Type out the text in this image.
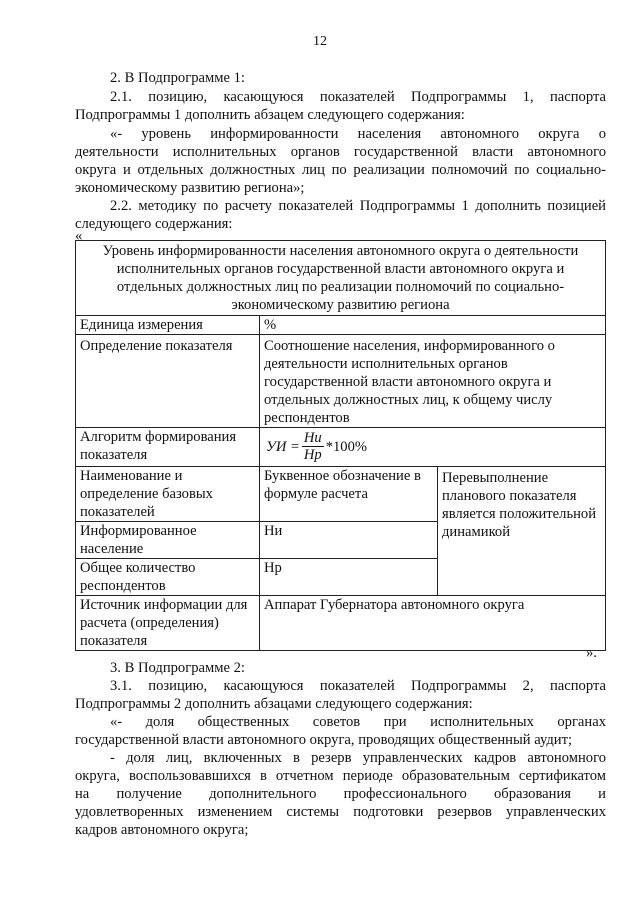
12
2. В Подпрограмме 1:
2.1. позицию, касающуюся показателей Подпрограммы 1, паспорта
Подпрограммы 1 дополнить абзацем следующего содержания:
«- уровень информированности населения автономного округа о
деятельности исполнительных органов государственной власти автономного
округа и отдельных должностных лиц по реализации полномочий по социально-
экономическому развитию региона»;
2.2. методику по расчету показателей Подпрограммы 1 дополнить позицией
следующего содержания:
«
Уровень информированности населения автономного округа о деятельности исполнительных органов государственной власти автономного округа и отдельных должностных лиц по реализации полномочий по социально-экономическому развитию региона		
Единица измерения	%	
Определение показателя	Соотношение населения, информированного о деятельности исполнительных органов государственной власти автономного округа и отдельных должностных лиц, к общему числу респондентов	
Алгоритм формирования показателя	УИ = $\frac{Ни}{Нр} *100\%$	

Наименование и определение базовых показателей	Буквенное обозначение в формуле расчета	Перевыполнение планового показателя является положительной динамикой
Информированное население	Ни	
Общее количество респондентов	Нр	
Источник информации для расчета (определения) показателя	Аппарат Губернатора автономного округа	
».
3. В Подпрограмме 2:
3.1. позицию, касающуюся показателей Подпрограммы 2, паспорта
Подпрограммы 2 дополнить абзацами следующего содержания:
«- доля общественных советов при исполнительных органах
государственной власти автономного округа, проводящих общественный аудит;
- доля лиц, включенных в резерв управленческих кадров автономного
округа, воспользовавшихся в отчетном периоде образовательным сертификатом
на получение дополнительного профессионального образования и
удовлетворенных изменением системы подготовки резервов управленческих
кадров автономного округа;
